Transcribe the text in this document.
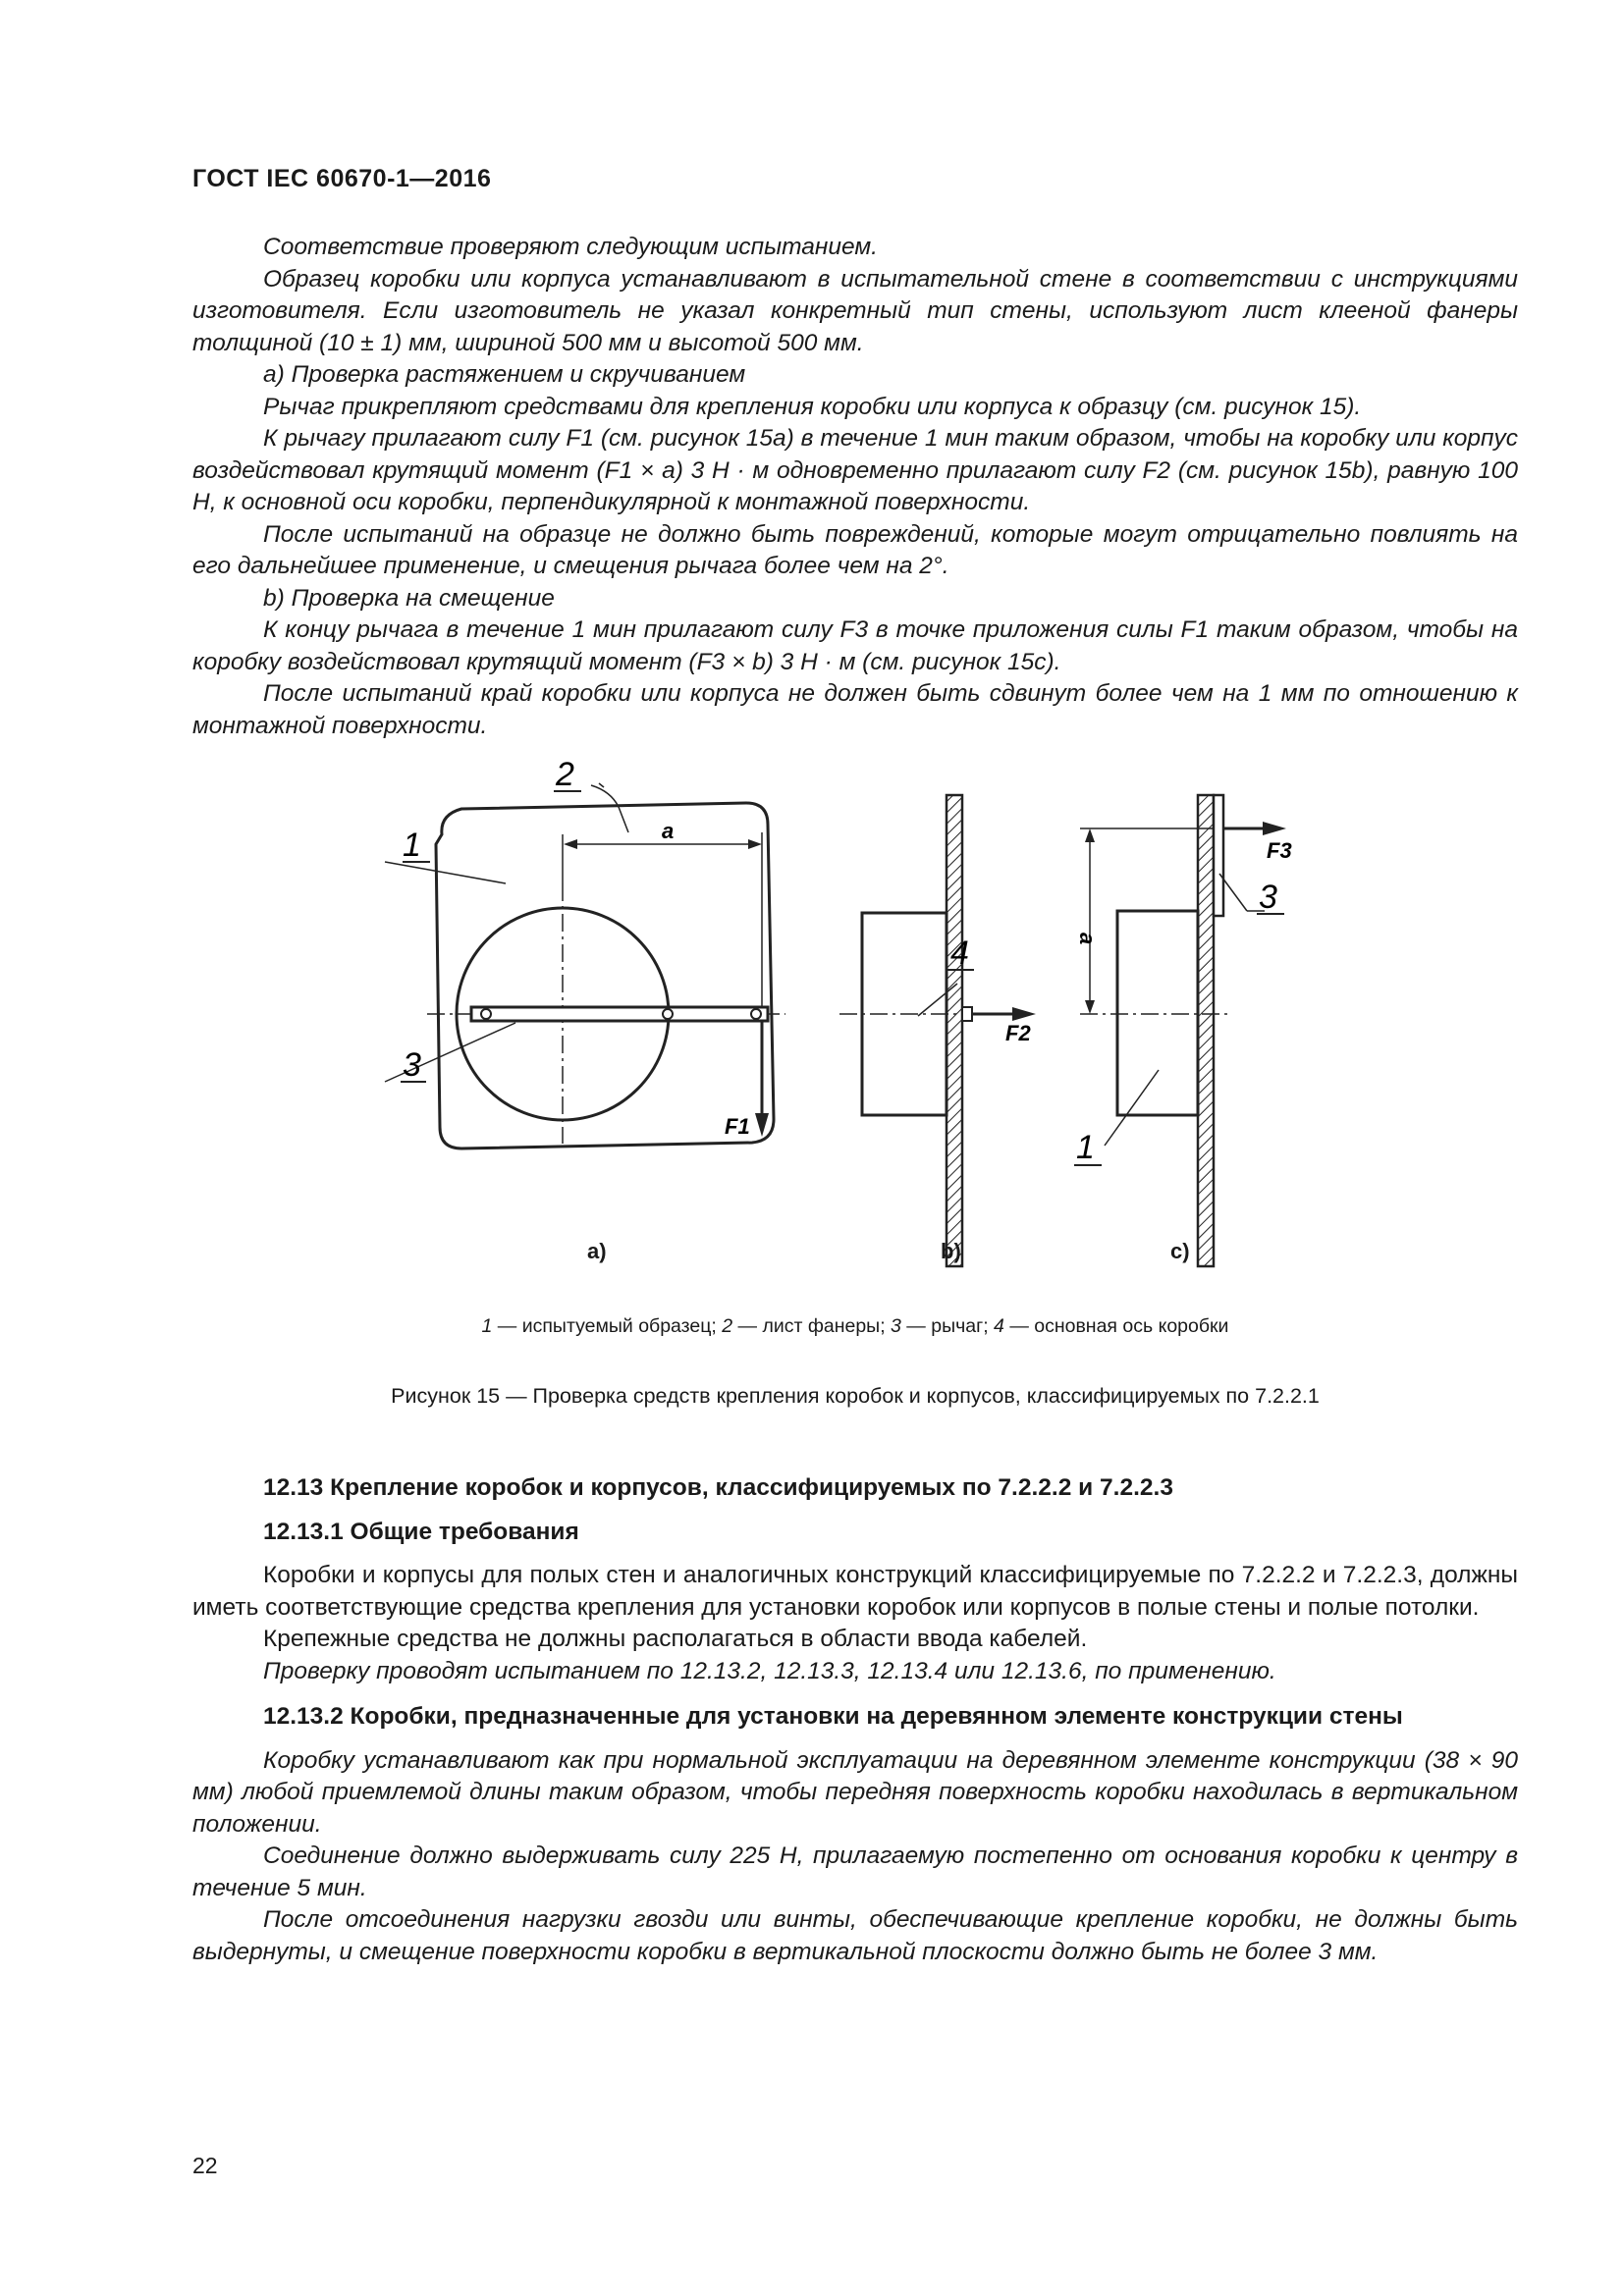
ГОСТ IEC 60670-1—2016

Соответствие проверяют следующим испытанием.

Образец коробки или корпуса устанавливают в испытательной стене в соответствии с инструкциями изготовителя. Если изготовитель не указал конкретный тип стены, используют лист клееной фанеры толщиной (10 ± 1) мм, шириной 500 мм и высотой 500 мм.

а) Проверка растяжением и скручиванием

Рычаг прикрепляют средствами для крепления коробки или корпуса к образцу (см. рисунок 15).

К рычагу прилагают силу F1 (см. рисунок 15а) в течение 1 мин таким образом, чтобы на коробку или корпус воздействовал крутящий момент (F1 × a) 3 Н · м одновременно прилагают силу F2 (см. рисунок 15b), равную 100 Н, к основной оси коробки, перпендикулярной к монтажной поверхности.

После испытаний на образце не должно быть повреждений, которые могут отрицательно повлиять на его дальнейшее применение, и смещения рычага более чем на 2°.

b) Проверка на смещение

К концу рычага в течение 1 мин прилагают силу F3 в точке приложения силы F1 таким образом, чтобы на коробку воздействовал крутящий момент (F3 × b) 3 Н · м (см. рисунок 15с).

После испытаний край коробки или корпуса не должен быть сдвинут более чем на 1 мм по отношению к монтажной поверхности.

1
2
3
a
F1
4
F2
3
1
F3
a
a)	b)	c)
1 — испытуемый образец; 2 — лист фанеры; 3 — рычаг; 4 — основная ось коробки
Рисунок 15 — Проверка средств крепления коробок и корпусов, классифицируемых по 7.2.2.1

12.13 Крепление коробок и корпусов, классифицируемых по 7.2.2.2 и 7.2.2.3

12.13.1 Общие требования

Коробки и корпусы для полых стен и аналогичных конструкций классифицируемые по 7.2.2.2 и 7.2.2.3, должны иметь соответствующие средства крепления для установки коробок или корпусов в полые стены и полые потолки.

Крепежные средства не должны располагаться в области ввода кабелей.

Проверку проводят испытанием по 12.13.2, 12.13.3, 12.13.4 или 12.13.6, по применению.

12.13.2 Коробки, предназначенные для установки на деревянном элементе конструкции стены

Коробку устанавливают как при нормальной эксплуатации на деревянном элементе конструкции (38 × 90 мм) любой приемлемой длины таким образом, чтобы передняя поверхность коробки находилась в вертикальном положении.

Соединение должно выдерживать силу 225 Н, прилагаемую постепенно от основания коробки к центру в течение 5 мин.

После отсоединения нагрузки гвозди или винты, обеспечивающие крепление коробки, не должны быть выдернуты, и смещение поверхности коробки в вертикальной плоскости должно быть не более 3 мм.

22
